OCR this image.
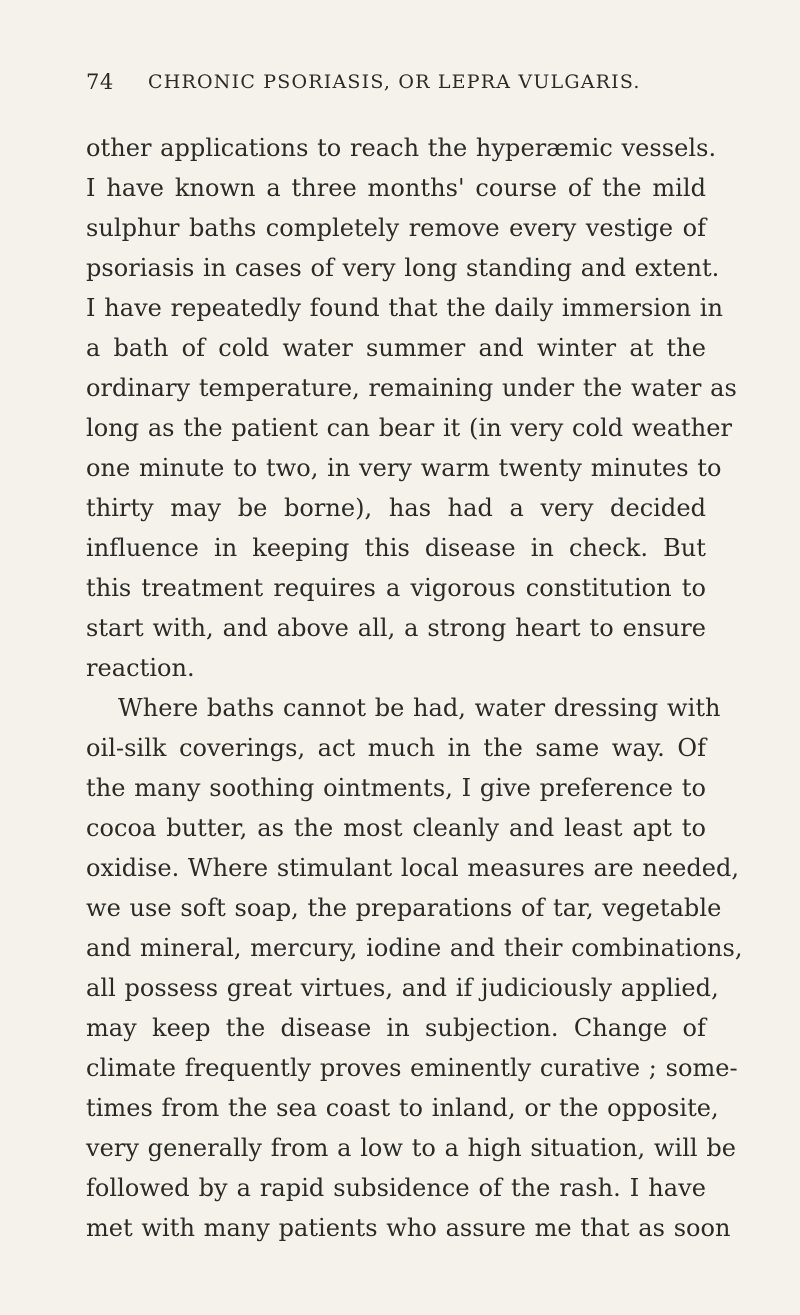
74 CHRONIC PSORIASIS, OR LEPRA VULGARIS.
other applications to reach the hyperæmic vessels.
I have known a three months' course of the mild
sulphur baths completely remove every vestige of
psoriasis in cases of very long standing and extent.
I have repeatedly found that the daily immersion in
a bath of cold water summer and winter at the
ordinary temperature, remaining under the water as
long as the patient can bear it (in very cold weather
one minute to two, in very warm twenty minutes to
thirty may be borne), has had a very decided
influence in keeping this disease in check. But
this treatment requires a vigorous constitution to
start with, and above all, a strong heart to ensure
reaction.
Where baths cannot be had, water dressing with
oil-silk coverings, act much in the same way. Of
the many soothing ointments, I give preference to
cocoa butter, as the most cleanly and least apt to
oxidise. Where stimulant local measures are needed,
we use soft soap, the preparations of tar, vegetable
and mineral, mercury, iodine and their combinations,
all possess great virtues, and if judiciously applied,
may keep the disease in subjection. Change of
climate frequently proves eminently curative ; some-
times from the sea coast to inland, or the opposite,
very generally from a low to a high situation, will be
followed by a rapid subsidence of the rash. I have
met with many patients who assure me that as soon
